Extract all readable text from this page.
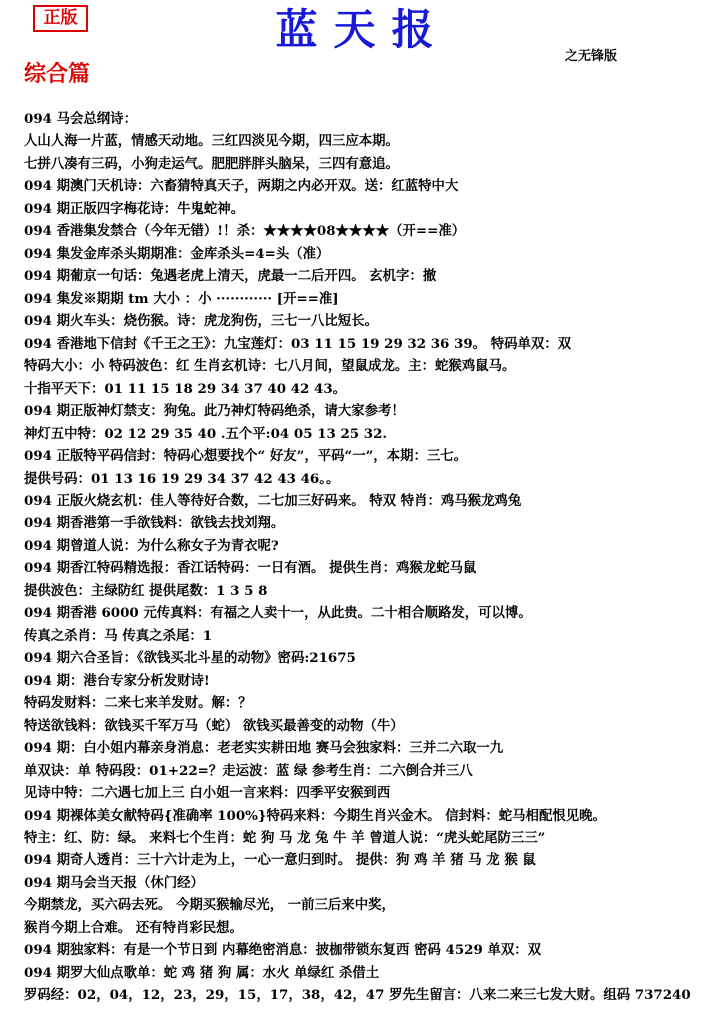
正版	蓝天报
之无锋版
综合篇
094 马会总纲诗：
人山人海一片蓝，情感天动地。三红四淡见今期，四三应本期。
七拼八凑有三码，小狗走运气。肥肥胖胖头脑呆，三四有意追。
094 期澳门天机诗：六畜猜特真天子，两期之内必开双。送：红蓝特中大
094 期正版四字梅花诗：牛鬼蛇神。
094 香港集发禁合（今年无错）!！杀：★★★★08★★★★（开==准）
094 集发金库杀头期期准：金库杀头=4=头（准）
094 期葡京一句话：兔遇老虎上清天，虎最一二后开四。 玄机字：撤
094 集发※期期 tm 大小 ：小 ············ [开==准]
094 期火车头：烧伤猴。诗：虎龙狗伤，三七一八比短长。
094 香港地下信封《千王之王》：九宝莲灯：03 11 15 19 29 32 36 39。 特码单双：双
特码大小：小 特码波色：红 生肖玄机诗：七八月间，望鼠成龙。主：蛇猴鸡鼠马。
十指平天下：01 11 15 18 29 34 37 40 42 43。
094 期正版神灯禁支：狗兔。此乃神灯特码绝杀，请大家参考！
神灯五中特：02 12 29 35 40 .五个平:04 05 13 25 32.
094 正版特平码信封：特码心想要找个“ 好友”，平码“一”，本期：三七。
提供号码：01 13 16 19 29 34 37 42 43 46。。
094 正版火烧玄机：佳人等待好合数，二七加三好码来。 特双 特肖：鸡马猴龙鸡兔
094 期香港第一手欲钱料：欲钱去找刘翔。
094 期曾道人说：为什么称女子为青衣呢?
094 期香江特码精选报：香江话特码：一日有酒。 提供生肖：鸡猴龙蛇马鼠
提供波色：主绿防红 提供尾数：1 3 5 8
094 期香港 6000 元传真料：有福之人卖十一，从此贵。二十相合顺路发，可以博。
传真之杀肖：马 传真之杀尾：1
094 期六合圣旨：《欲钱买北斗星的动物》密码:21675
094 期：港台专家分析发财诗!
特码发财料：二来七来羊发财。解：？
特送欲钱料：欲钱买千军万马（蛇） 欲钱买最善变的动物（牛）
094 期：白小姐内幕亲身消息：老老实实耕田地 赛马会独家料：三并二六取一九
单双诀：单 特码段：01+22=？走运波：蓝 绿 参考生肖：二六倒合并三八
见诗中特：二六遇七加上三 白小姐一言来料：四季平安猴到西
094 期裸体美女献特码{准确率 100%}特码来料：今期生肖兴金木。 信封料：蛇马相配恨见晚。
特主：红、防：绿。 来料七个生肖：蛇 狗 马 龙 兔 牛 羊 曾道人说：“虎头蛇尾防三三”
094 期奇人透肖：三十六计走为上，一心一意归到时。 提供：狗 鸡 羊 猪 马 龙 猴 鼠
094 期马会当天报（休门经）
今期禁龙，买六码去死。 今期买猴输尽光， 一前三后来中奖，
猴肖今期上合难。 还有特肖彩民想。
094 期独家料：有是一个节日到 内幕绝密消息：披枷带锁东复西 密码 4529 单双：双
094 期罗大仙点歌单：蛇 鸡 猪 狗 属：水火 单绿红 杀借土
罗码经：02，04，12，23，29，15，17，38，42，47 罗先生留言：八来二来三七发大财。组码 737240
